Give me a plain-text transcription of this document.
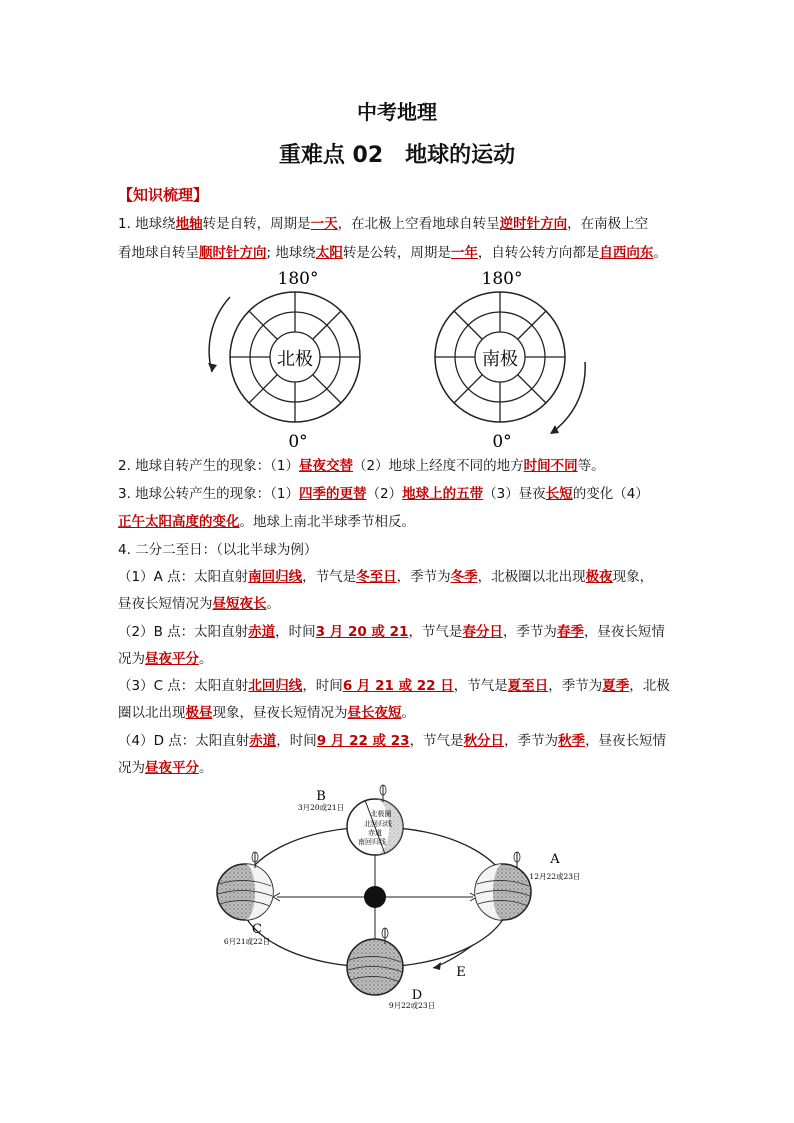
中考地理
重难点 02　地球的运动
【知识梳理】
1. 地球绕地轴转是自转，周期是一天，在北极上空看地球自转呈逆时针方向，在南极上空
看地球自转呈顺时针方向; 地球绕太阳转是公转，周期是一年，自转公转方向都是自西向东。
北极
180°
0°
南极
180°
0°
2. 地球自转产生的现象：（1）昼夜交替（2）地球上经度不同的地方时间不同等。
3. 地球公转产生的现象：（1）四季的更替（2）地球上的五带（3）昼夜长短的变化（4）
正午太阳高度的变化。地球上南北半球季节相反。
4. 二分二至日：（以北半球为例）
（1）A 点：太阳直射南回归线，节气是冬至日，季节为冬季，北极圈以北出现极夜现象，
昼夜长短情况为昼短夜长。
（2）B 点：太阳直射赤道，时间3 月 20 或 21，节气是春分日，季节为春季，昼夜长短情
况为昼夜平分。
（3）C 点：太阳直射北回归线，时间6 月 21 或 22 日，节气是夏至日，季节为夏季，北极
圈以北出现极昼现象，昼夜长短情况为昼长夜短。
（4）D 点：太阳直射赤道，时间9 月 22 或 23，节气是秋分日，季节为秋季，昼夜长短情
况为昼夜平分。
北极圈
北回归线
赤道
南回归线
B
3月20或21日
C
6月21或22日
A
12月22或23日
D
9月22或23日
E
